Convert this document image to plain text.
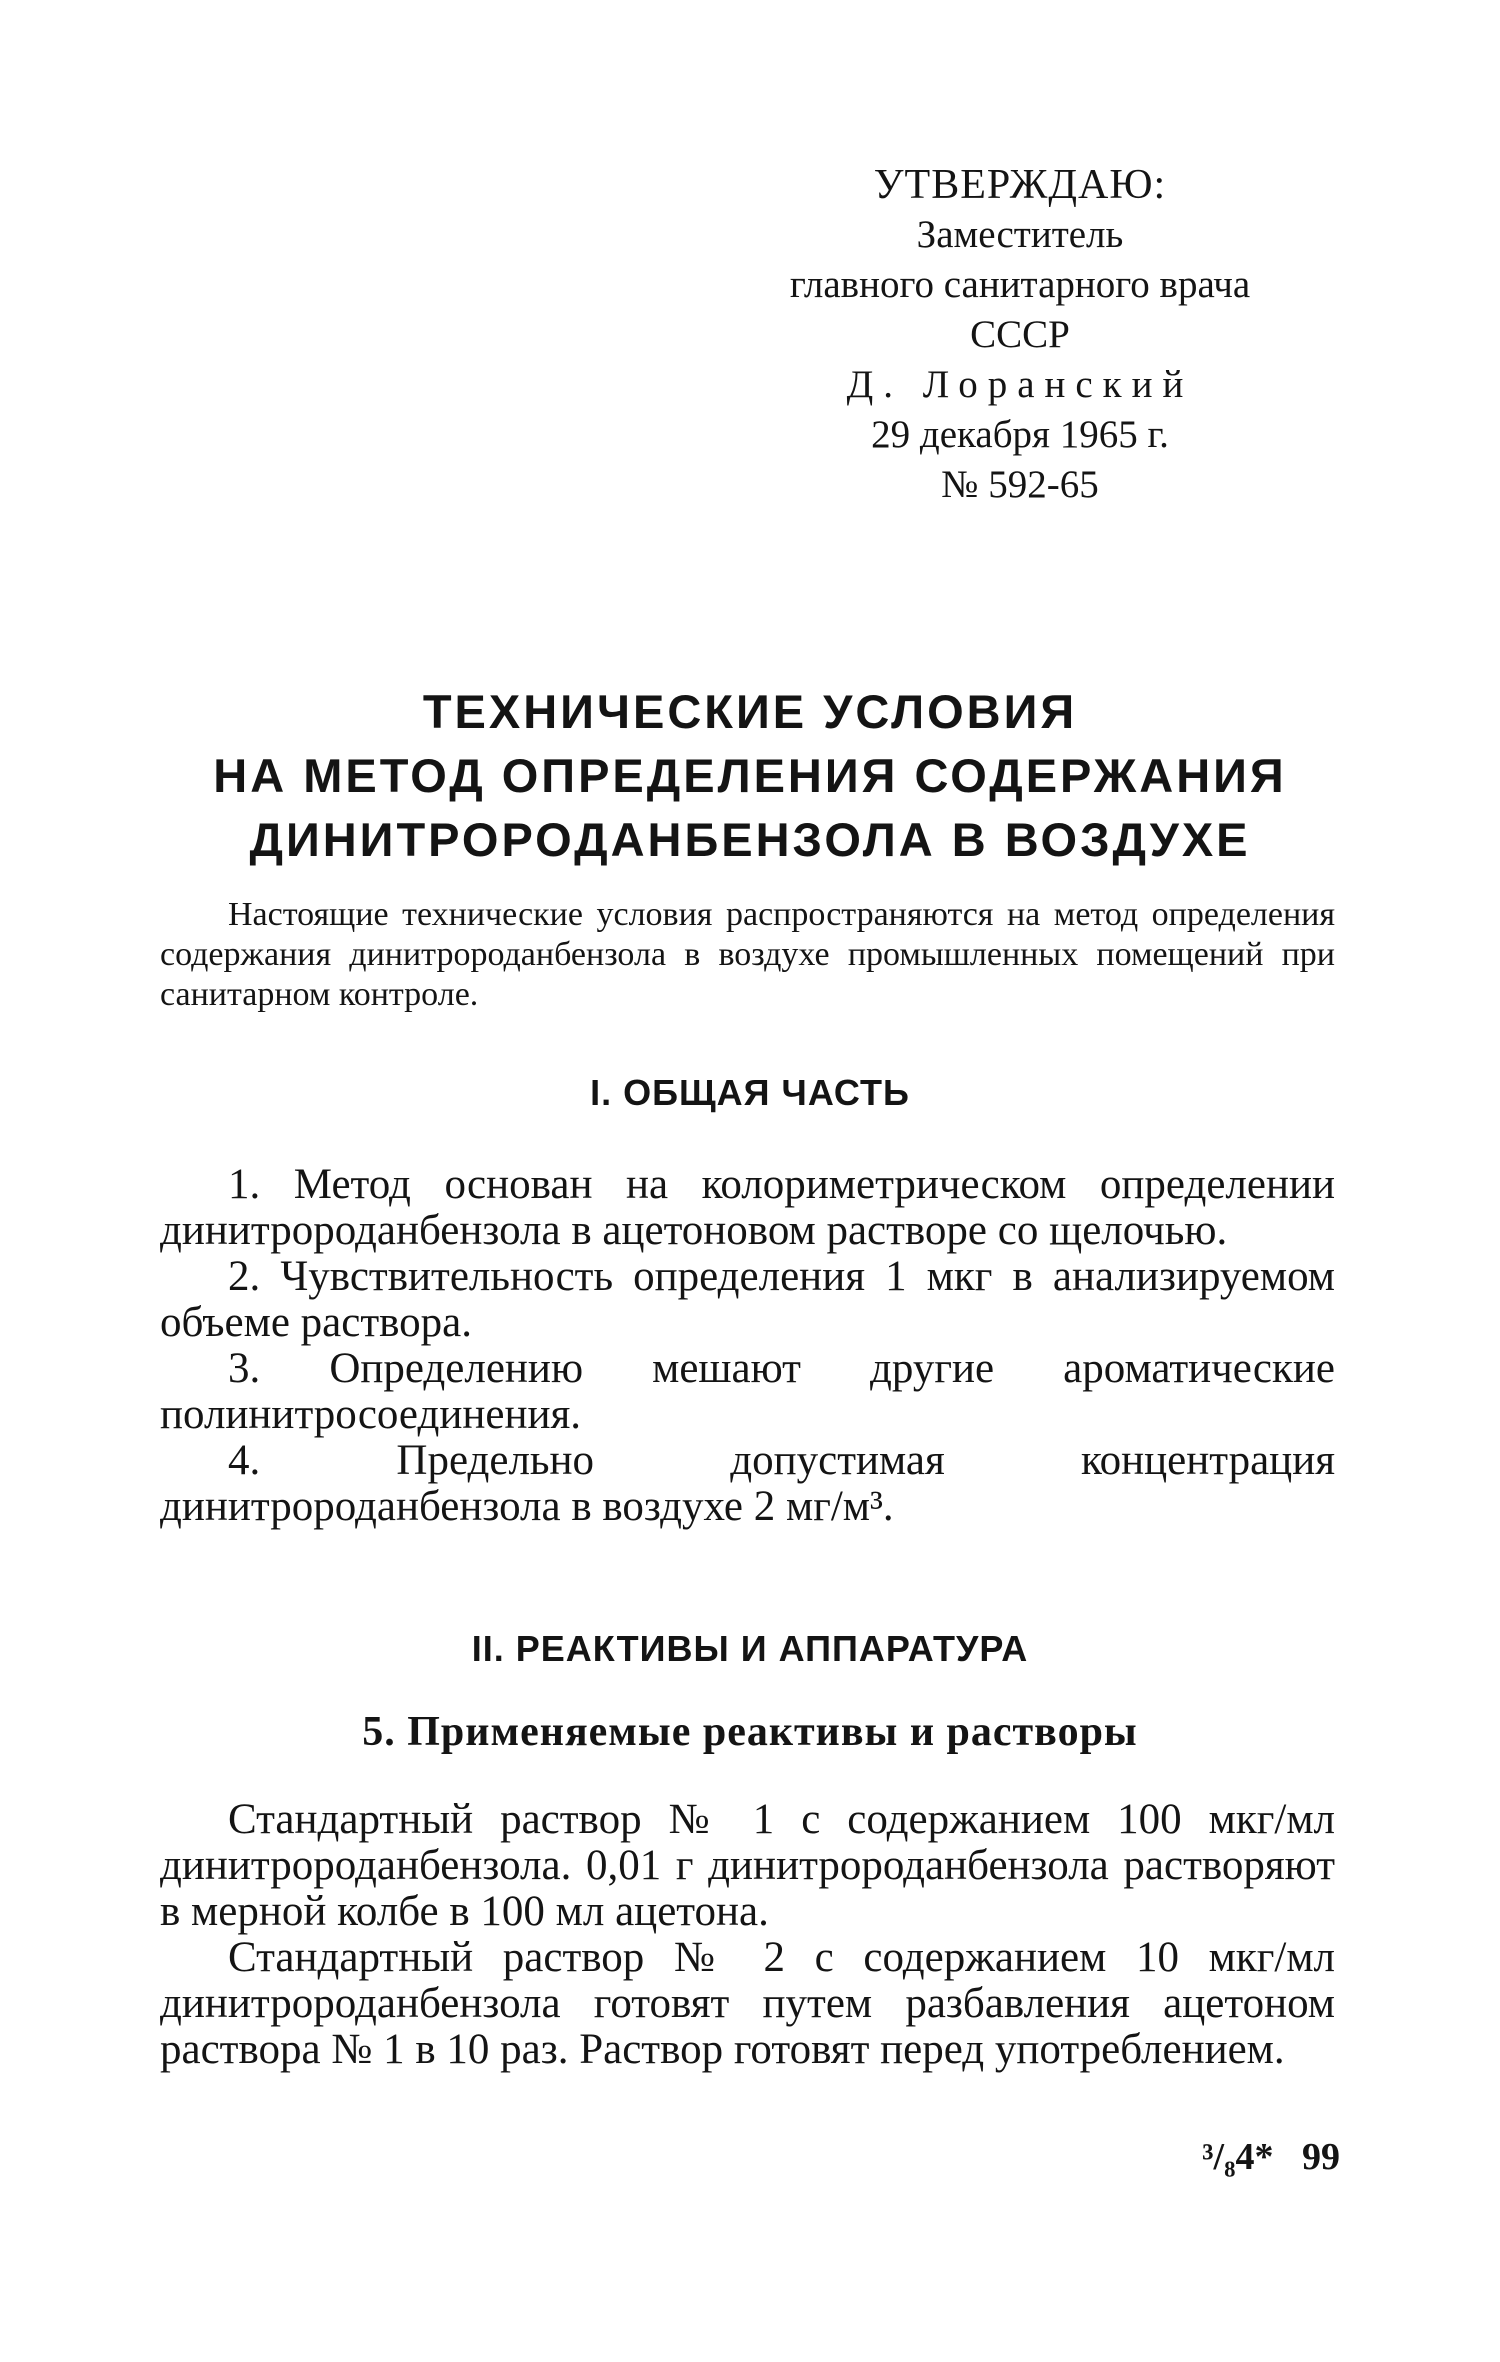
УТВЕРЖДАЮ:
Заместитель
главного санитарного врача
СССР
Д. Лоранский
29 декабря 1965 г.
№ 592-65
ТЕХНИЧЕСКИЕ УСЛОВИЯ
НА МЕТОД ОПРЕДЕЛЕНИЯ СОДЕРЖАНИЯ
ДИНИТРОРОДАНБЕНЗОЛА В ВОЗДУХЕ

Настоящие технические условия распространяются на метод определения содержания динитророданбензола в воздухе промышленных помещений при санитарном контроле.

I. ОБЩАЯ ЧАСТЬ

1. Метод основан на колориметрическом определении динитророданбензола в ацетоновом растворе со щелочью.

2. Чувствительность определения 1 мкг в анализируемом объеме раствора.

3. Определению мешают другие ароматические полинитросоединения.

4. Предельно допустимая концентрация динитророданбензола в воздухе 2 мг/м³.

II. РЕАКТИВЫ И АППАРАТУРА
5. Применяемые реактивы и растворы

Стандартный раствор № 1 с содержанием 100 мкг/мл динитророданбензола. 0,01 г динитророданбензола растворяют в мерной колбе в 100 мл ацетона.

Стандартный раствор № 2 с содержанием 10 мкг/мл динитророданбензола готовят путем разбавления ацетоном раствора № 1 в 10 раз. Раствор готовят перед употреблением.

³/₈4* 99
